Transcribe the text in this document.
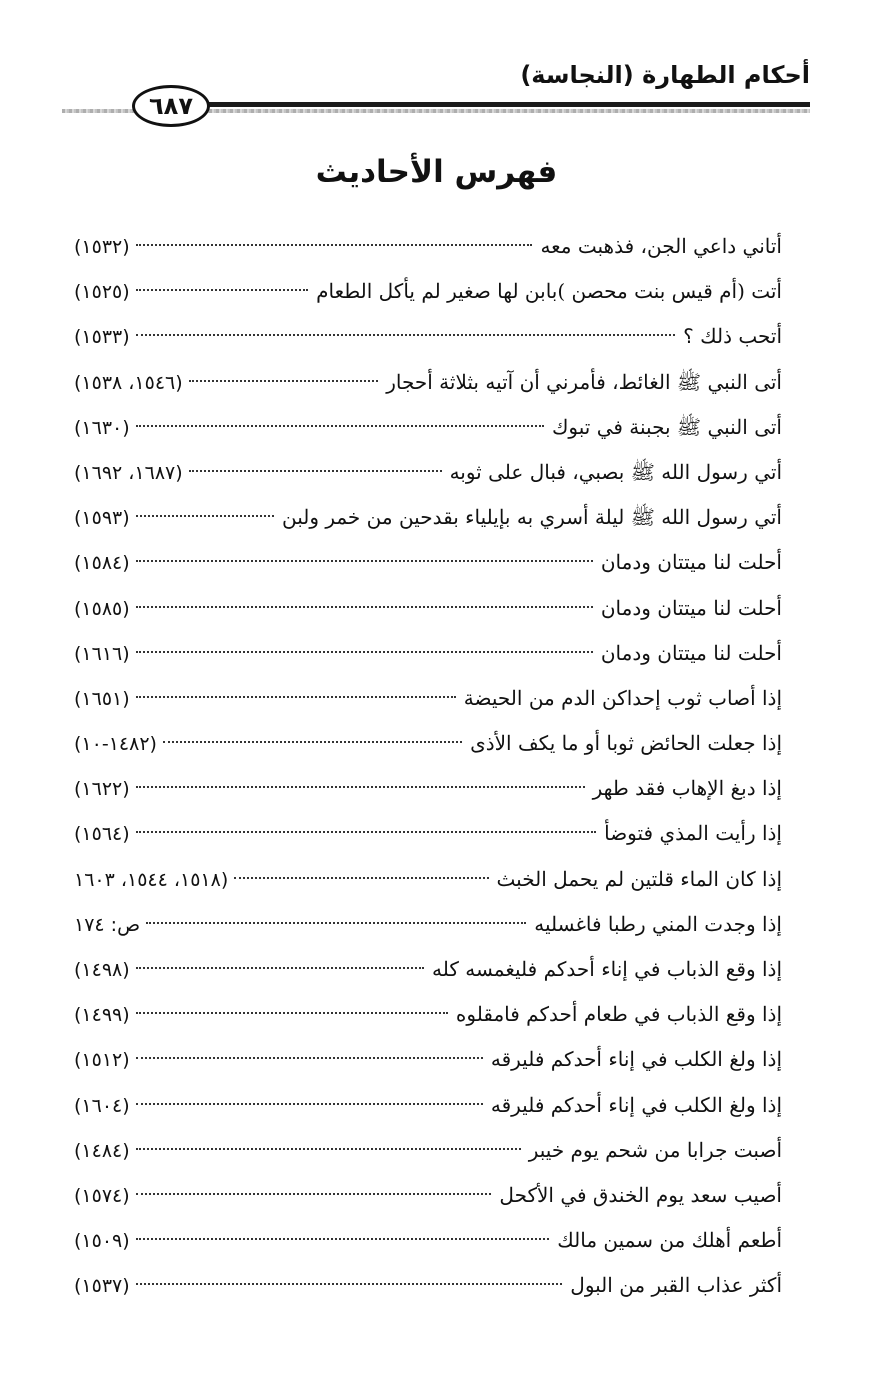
أحكام الطهارة (النجاسة)
٦٨٧
فهرس الأحاديث
أتاني داعي الجن، فذهبت معه
(١٥٣٢)
أتت (أم قيس بنت محصن )بابن لها صغير لم يأكل الطعام
(١٥٢٥)
أتحب ذلك ؟
(١٥٣٣)
أتى النبي ﷺ الغائط، فأمرني أن آتيه بثلاثة أحجار
(١٥٤٦، ١٥٣٨)
أتى النبي ﷺ بجبنة في تبوك
(١٦٣٠)
أتي رسول الله ﷺ بصبي، فبال على ثوبه
(١٦٨٧، ١٦٩٢)
أتي رسول الله ﷺ ليلة أسري به بإيلياء بقدحين من خمر ولبن
(١٥٩٣)
أحلت لنا ميتتان ودمان
(١٥٨٤)
أحلت لنا ميتتان ودمان
(١٥٨٥)
أحلت لنا ميتتان ودمان
(١٦١٦)
إذا أصاب ثوب إحداكن الدم من الحيضة
(١٦٥١)
إذا جعلت الحائض ثوبا أو ما يكف الأذى
(١٤٨٢-١٠)
إذا دبغ الإهاب فقد طهر
(١٦٢٢)
إذا رأيت المذي فتوضأ
(١٥٦٤)
إذا كان الماء قلتين لم يحمل الخبث
(١٥١٨، ١٥٤٤، ١٦٠٣
إذا وجدت المني رطبا فاغسليه
ص: ١٧٤
إذا وقع الذباب في إناء أحدكم فليغمسه كله
(١٤٩٨)
إذا وقع الذباب في طعام أحدكم فامقلوه
(١٤٩٩)
إذا ولغ الكلب في إناء أحدكم فليرقه
(١٥١٢)
إذا ولغ الكلب في إناء أحدكم فليرقه
(١٦٠٤)
أصبت جرابا من شحم يوم خيبر
(١٤٨٤)
أصيب سعد يوم الخندق في الأكحل
(١٥٧٤)
أطعم أهلك من سمين مالك
(١٥٠٩)
أكثر عذاب القبر من البول
(١٥٣٧)
